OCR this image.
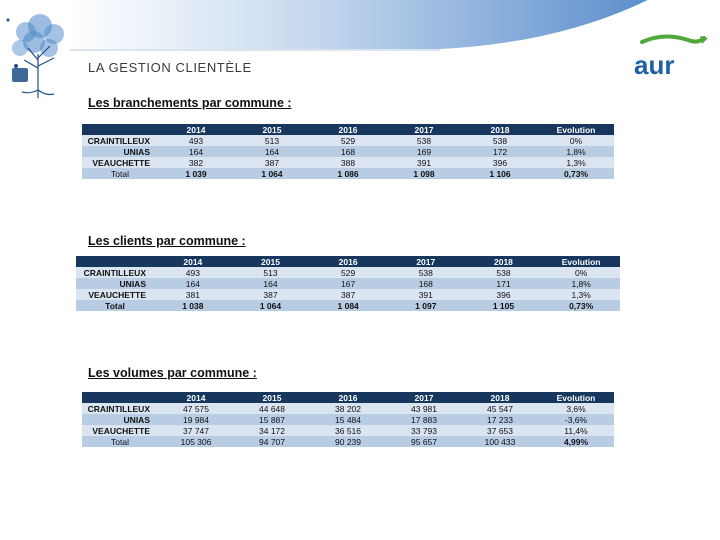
aur
LA GESTION CLIENTÈLE
Les branchements par commune :
	2014	2015	2016	2017	2018	Evolution
CRAINTILLEUX	493	513	529	538	538	0%
UNIAS	164	164	168	169	172	1,8%
VEAUCHETTE	382	387	388	391	396	1,3%
Total	1 039	1 064	1 086	1 098	1 106	0,73%
Les clients par commune :
	2014	2015	2016	2017	2018	Evolution
CRAINTILLEUX	493	513	529	538	538	0%
UNIAS	164	164	167	168	171	1,8%
VEAUCHETTE	381	387	387	391	396	1,3%
Total	1 038	1 064	1 084	1 097	1 105	0,73%
Les volumes par commune :
	2014	2015	2016	2017	2018	Evolution
CRAINTILLEUX	47 575	44 648	38 202	43 981	45 547	3,6%
UNIAS	19 984	15 887	15 484	17 883	17 233	-3,6%
VEAUCHETTE	37 747	34 172	36 516	33 793	37 653	11,4%
Total	105 306	94 707	90 239	95 657	100 433	4,99%
